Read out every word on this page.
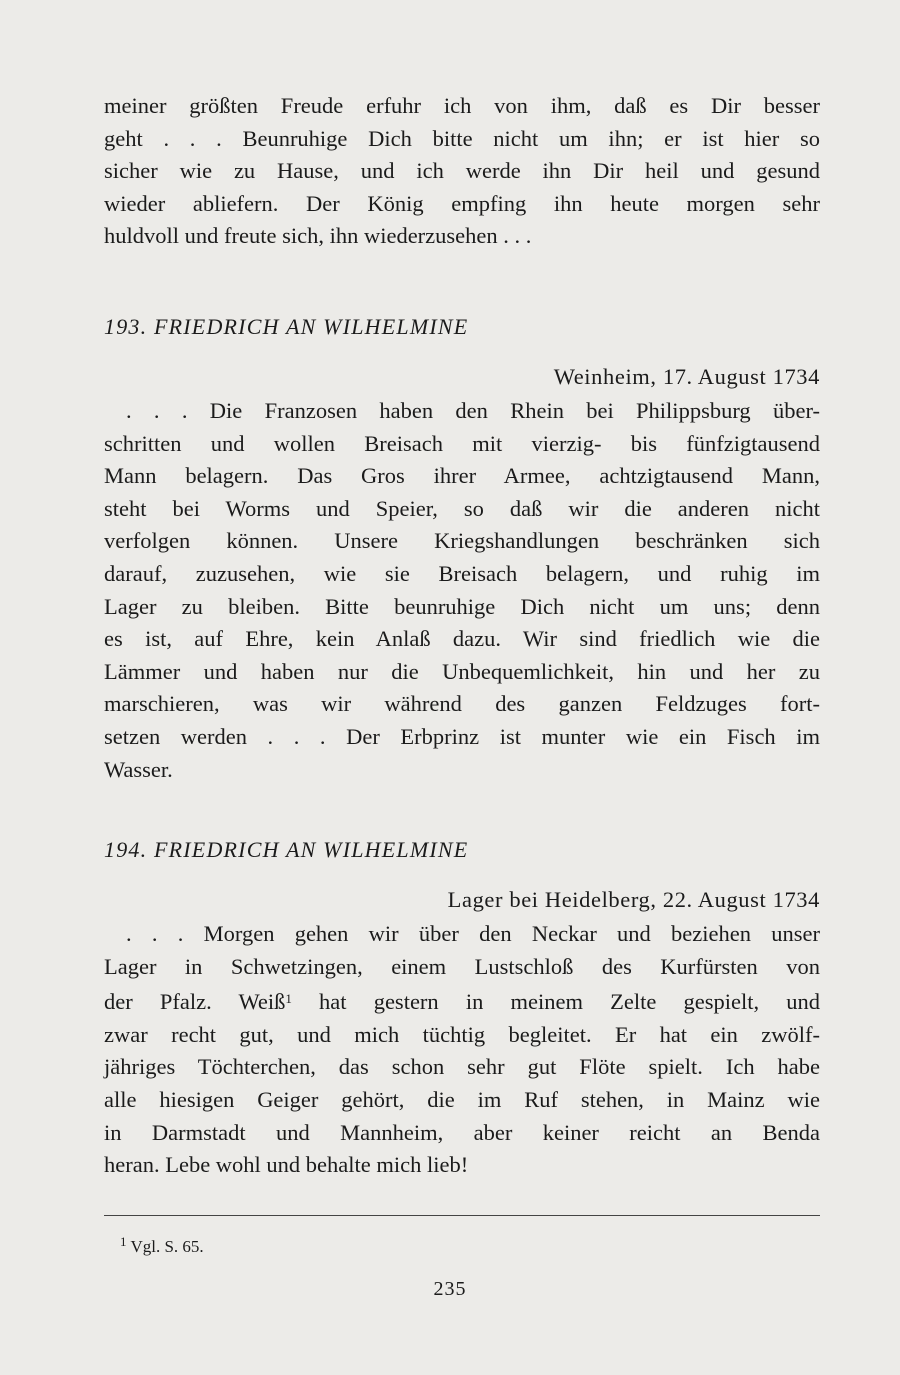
meiner größten Freude erfuhr ich von ihm, daß es Dir besser
geht . . . Beunruhige Dich bitte nicht um ihn; er ist hier so
sicher wie zu Hause, und ich werde ihn Dir heil und gesund
wieder abliefern. Der König empfing ihn heute morgen sehr
huldvoll und freute sich, ihn wiederzusehen . . .

193. FRIEDRICH AN WILHELMINE

Weinheim, 17. August 1734

. . . Die Franzosen haben den Rhein bei Philippsburg über-
schritten und wollen Breisach mit vierzig- bis fünfzigtausend
Mann belagern. Das Gros ihrer Armee, achtzigtausend Mann,
steht bei Worms und Speier, so daß wir die anderen nicht
verfolgen können. Unsere Kriegshandlungen beschränken sich
darauf, zuzusehen, wie sie Breisach belagern, und ruhig im
Lager zu bleiben. Bitte beunruhige Dich nicht um uns; denn
es ist, auf Ehre, kein Anlaß dazu. Wir sind friedlich wie die
Lämmer und haben nur die Unbequemlichkeit, hin und her zu
marschieren, was wir während des ganzen Feldzuges fort-
setzen werden . . . Der Erbprinz ist munter wie ein Fisch im
Wasser.

194. FRIEDRICH AN WILHELMINE

Lager bei Heidelberg, 22. August 1734

. . . Morgen gehen wir über den Neckar und beziehen unser
Lager in Schwetzingen, einem Lustschloß des Kurfürsten von
der Pfalz. Weiß$^1$ hat gestern in meinem Zelte gespielt, und
zwar recht gut, und mich tüchtig begleitet. Er hat ein zwölf-
jähriges Töchterchen, das schon sehr gut Flöte spielt. Ich habe
alle hiesigen Geiger gehört, die im Ruf stehen, in Mainz wie
in Darmstadt und Mannheim, aber keiner reicht an Benda
heran. Lebe wohl und behalte mich lieb!

$^1$ Vgl. S. 65.

235
